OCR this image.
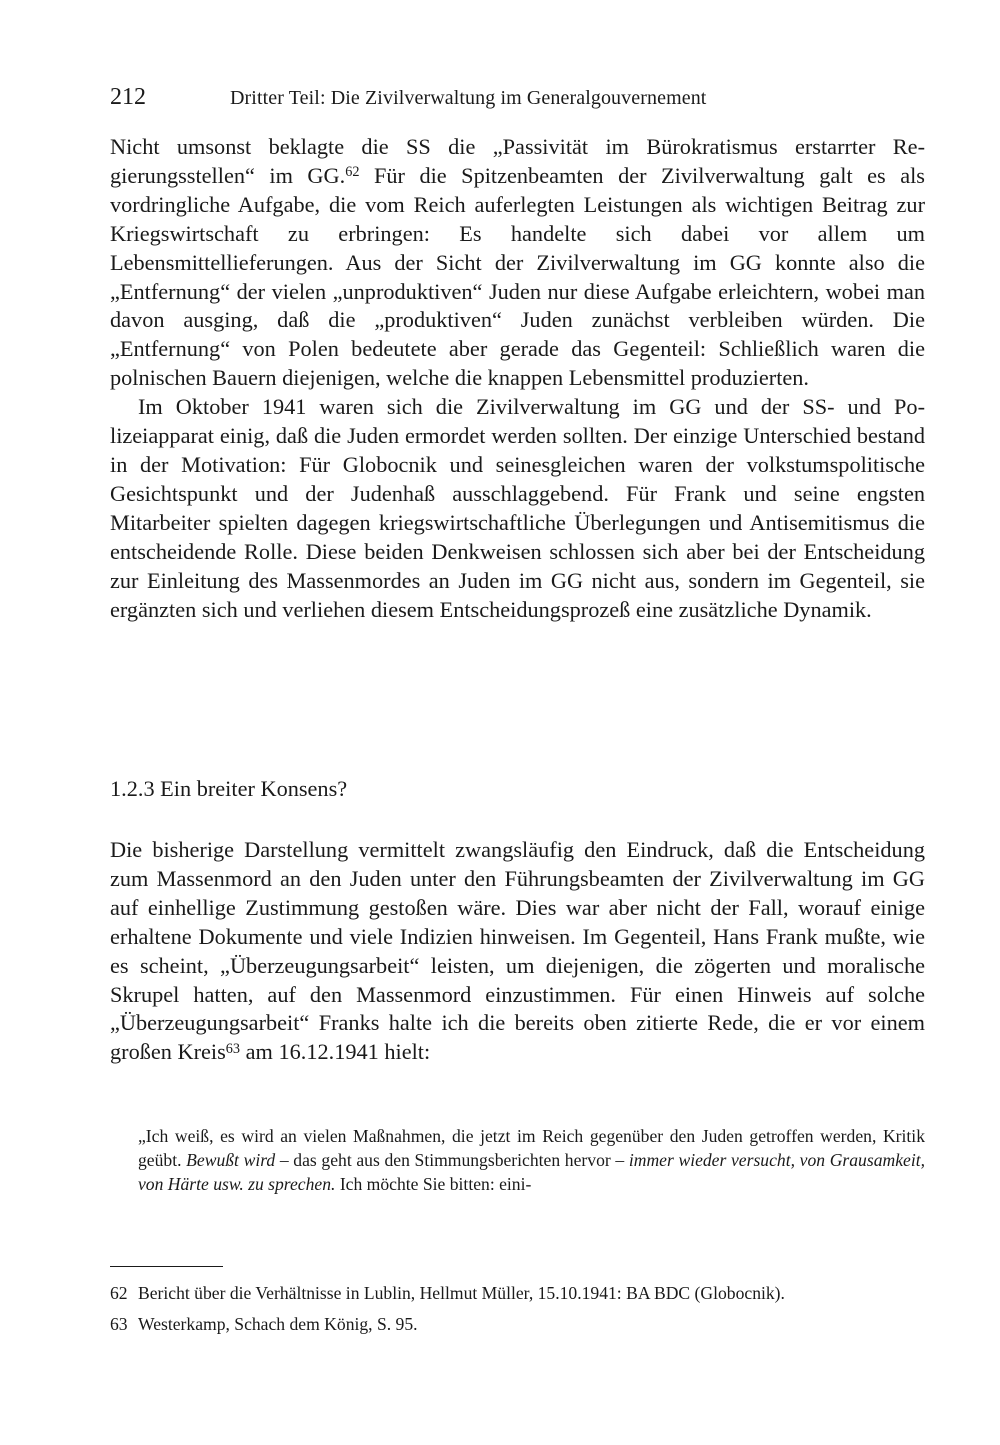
212	Dritter Teil: Die Zivilverwaltung im Generalgouvernement

Nicht umsonst beklagte die SS die „Passivität im Bürokratismus erstarrter Regierungsstellen“ im GG.$^{62}$ Für die Spitzenbeamten der Zivilverwaltung galt es als vordringliche Aufgabe, die vom Reich auferlegten Leistungen als wichtigen Beitrag zur Kriegswirtschaft zu erbringen: Es handelte sich dabei vor allem um Lebensmittellieferungen. Aus der Sicht der Zivilverwaltung im GG konnte also die „Entfernung“ der vielen „unproduktiven“ Juden nur diese Aufgabe erleichtern, wobei man davon ausging, daß die „produktiven“ Juden zunächst verbleiben würden. Die „Entfernung“ von Polen bedeutete aber gerade das Gegenteil: Schließlich waren die polnischen Bauern diejenigen, welche die knappen Lebensmittel produzierten.

Im Oktober 1941 waren sich die Zivilverwaltung im GG und der SS- und Polizeiapparat einig, daß die Juden ermordet werden sollten. Der einzige Unterschied bestand in der Motivation: Für Globocnik und seinesgleichen waren der volkstumspolitische Gesichtspunkt und der Judenhaß ausschlaggebend. Für Frank und seine engsten Mitarbeiter spielten dagegen kriegswirtschaftliche Überlegungen und Antisemitismus die entscheidende Rolle. Diese beiden Denkweisen schlossen sich aber bei der Entscheidung zur Einleitung des Massenmordes an Juden im GG nicht aus, sondern im Gegenteil, sie ergänzten sich und verliehen diesem Entscheidungsprozeß eine zusätzliche Dynamik.

1.2.3 Ein breiter Konsens?

Die bisherige Darstellung vermittelt zwangsläufig den Eindruck, daß die Entscheidung zum Massenmord an den Juden unter den Führungsbeamten der Zivilverwaltung im GG auf einhellige Zustimmung gestoßen wäre. Dies war aber nicht der Fall, worauf einige erhaltene Dokumente und viele Indizien hinweisen. Im Gegenteil, Hans Frank mußte, wie es scheint, „Überzeugungsarbeit“ leisten, um diejenigen, die zögerten und moralische Skrupel hatten, auf den Massenmord einzustimmen. Für einen Hinweis auf solche „Überzeugungsarbeit“ Franks halte ich die bereits oben zitierte Rede, die er vor einem großen Kreis$^{63}$ am 16.12.1941 hielt:

„Ich weiß, es wird an vielen Maßnahmen, die jetzt im Reich gegenüber den Juden getroffen werden, Kritik geübt. Bewußt wird – das geht aus den Stimmungsberichten hervor – immer wieder versucht, von Grausamkeit, von Härte usw. zu sprechen. Ich möchte Sie bitten: eini-

62 Bericht über die Verhältnisse in Lublin, Hellmut Müller, 15.10.1941: BA BDC (Globocnik).
63 Westerkamp, Schach dem König, S. 95.
